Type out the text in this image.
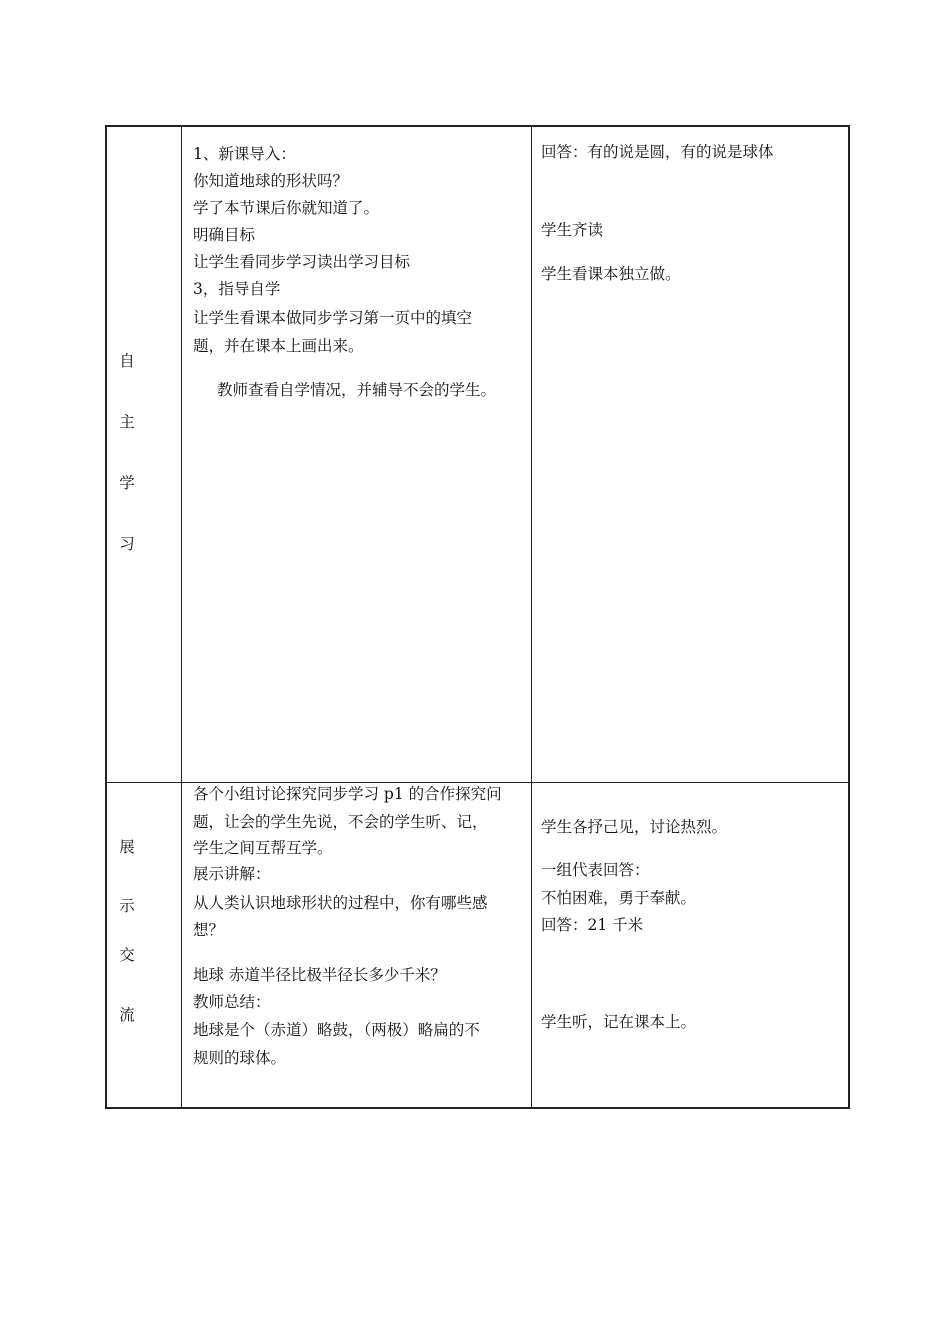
自
主
学
习
1、新课导入：
你知道地球的形状吗？
学了本节课后你就知道了。
明确目标
让学生看同步学习读出学习目标
3，指导自学
让学生看课本做同步学习第一页中的填空
题，并在课本上画出来。
教师查看自学情况，并辅导不会的学生。
回答：有的说是圆，有的说是球体
学生齐读
学生看课本独立做。
展
示
交
流
各个小组讨论探究同步学习 p1 的合作探究问
题，让会的学生先说，不会的学生听、记，
学生之间互帮互学。
展示讲解：
从人类认识地球形状的过程中，你有哪些感
想？
地球 赤道半径比极半径长多少千米？
教师总结：
地球是个（赤道）略鼓，（两极）略扁的不
规则的球体。
学生各抒己见，讨论热烈。
一组代表回答：
不怕困难，勇于奉献。
回答：21 千米
学生听，记在课本上。
